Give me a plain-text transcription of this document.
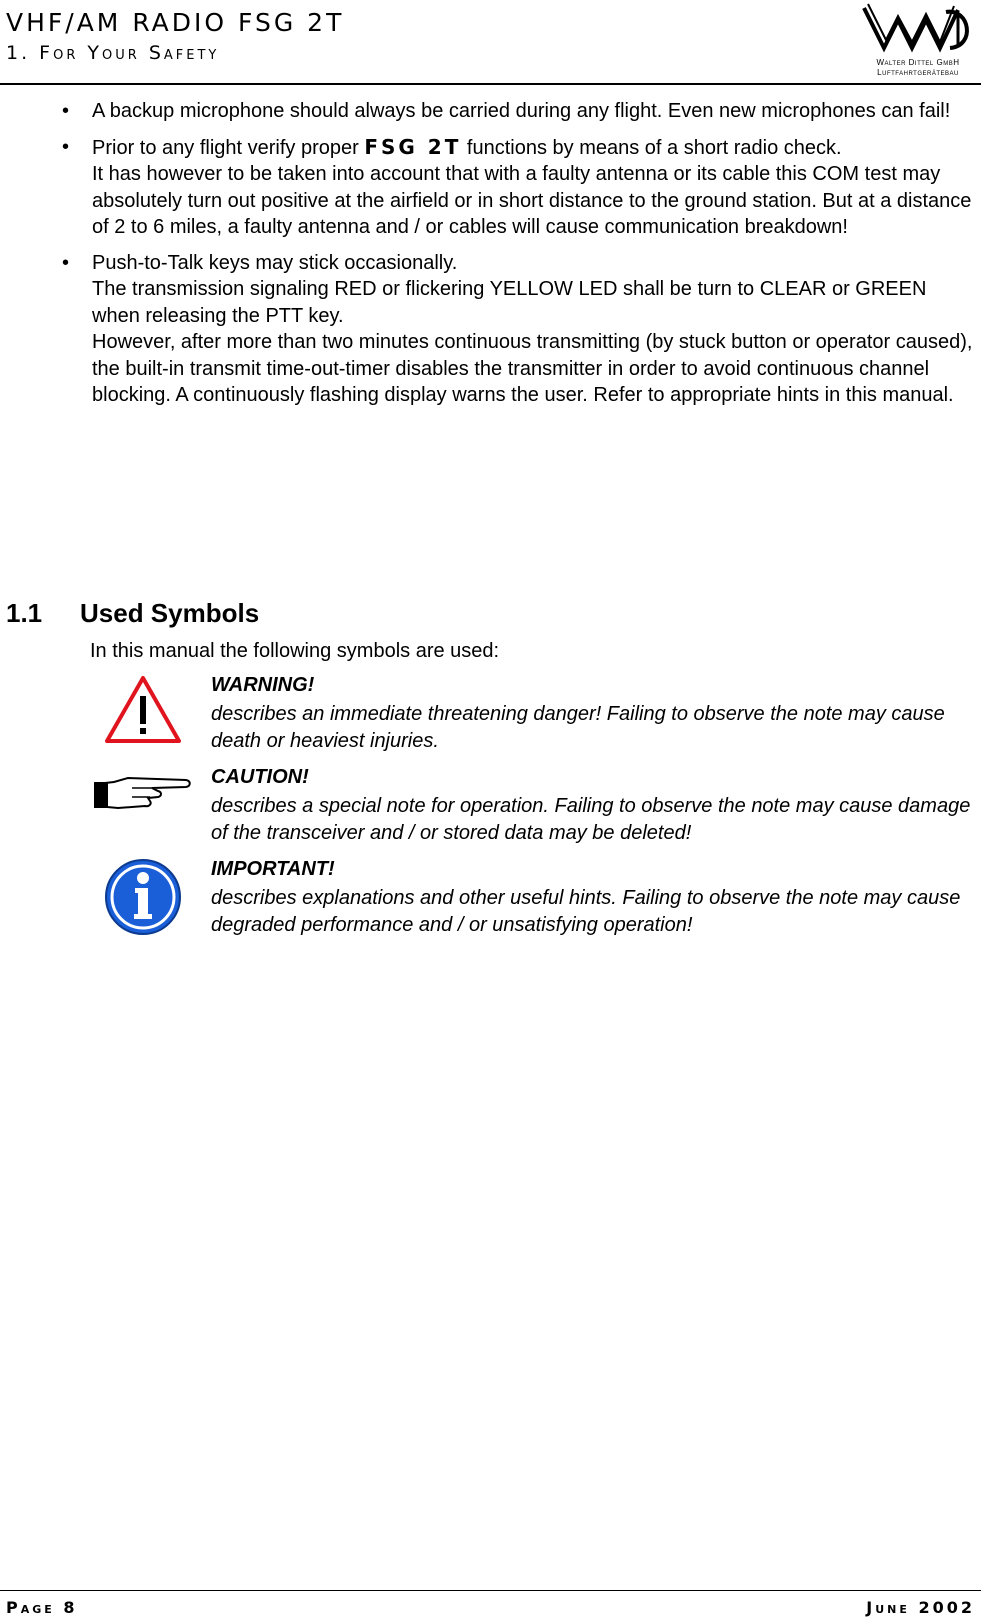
VHF/AM RADIO FSG 2T
1. For Your Safety	Walter Dittel GmbH
Luftfahrtgerätebau
• A backup microphone should always be carried during any flight. Even new microphones can fail!
• Prior to any flight verify proper FSG 2T functions by means of a short radio check.
It has however to be taken into account that with a faulty antenna or its cable this COM test may absolutely turn out positive at the airfield or in short distance to the ground station. But at a distance of 2 to 6 miles, a faulty antenna and / or cables will cause communication breakdown!
• Push-to-Talk keys may stick occasionally.
The transmission signaling RED or flickering YELLOW LED shall be turn to CLEAR or GREEN when releasing the PTT key.
However, after more than two minutes continuous transmitting (by stuck button or operator caused), the built-in transmit time-out-timer disables the transmitter in order to avoid continuous channel blocking. A continuously flashing display warns the user. Refer to appropriate hints in this manual.
1.1 Used Symbols
In this manual the following symbols are used:
WARNING!
describes an immediate threatening danger! Failing to observe the note may cause death or heaviest injuries.
CAUTION!
describes a special note for operation. Failing to observe the note may cause damage of the transceiver and / or stored data may be deleted!
IMPORTANT!
describes explanations and other useful hints. Failing to observe the note may cause degraded performance and / or unsatisfying operation!
Page 8	June 2002
